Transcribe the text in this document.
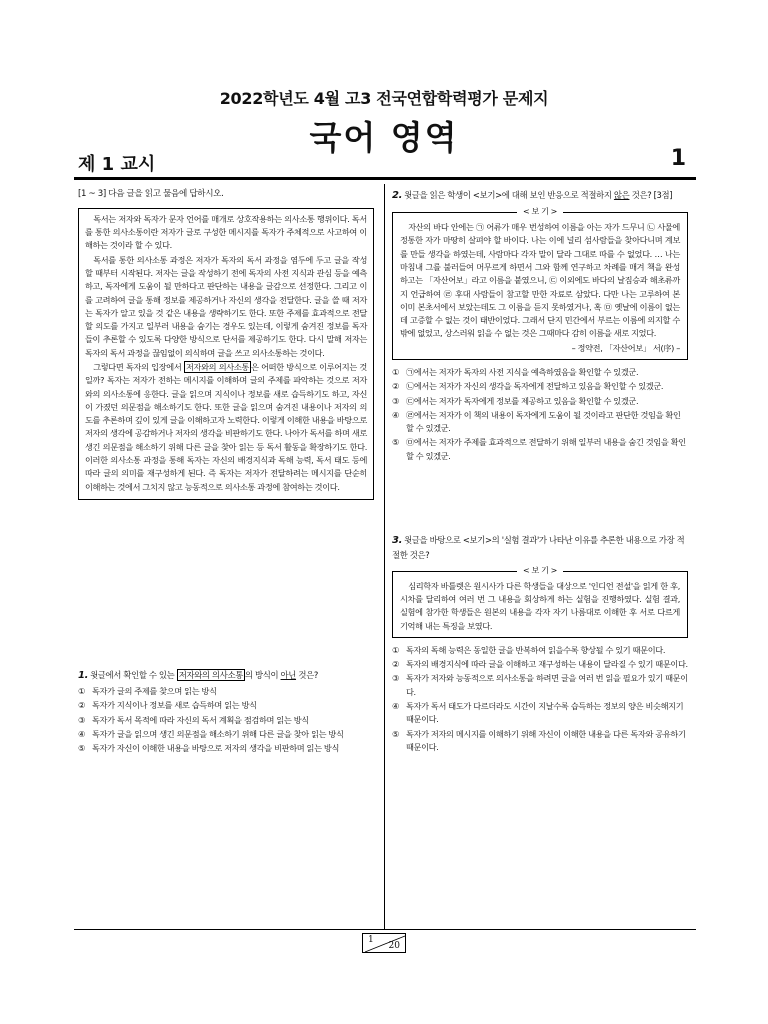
2022학년도 4월 고3 전국연합학력평가 문제지
국어 영역
제 1 교시	1
[1 ~ 3] 다음 글을 읽고 물음에 답하시오.

독서는 저자와 독자가 문자 언어를 매개로 상호작용하는 의사소통 행위이다. 독서를 통한 의사소통이란 저자가 글로 구성한 메시지를 독자가 주체적으로 사고하여 이해하는 것이라 할 수 있다.

독서를 통한 의사소통 과정은 저자가 독자의 독서 과정을 염두에 두고 글을 작성할 때부터 시작된다. 저자는 글을 작성하기 전에 독자의 사전 지식과 관심 등을 예측하고, 독자에게 도움이 될 만하다고 판단하는 내용을 글감으로 선정한다. 그리고 이를 고려하여 글을 통해 정보를 제공하거나 자신의 생각을 전달한다. 글을 쓸 때 저자는 독자가 알고 있을 것 같은 내용을 생략하기도 한다. 또한 주제를 효과적으로 전달할 의도를 가지고 일부러 내용을 숨기는 경우도 있는데, 이렇게 숨겨진 정보를 독자들이 추론할 수 있도록 다양한 방식으로 단서를 제공하기도 한다. 다시 말해 저자는 독자의 독서 과정을 끊임없이 의식하며 글을 쓰고 의사소통하는 것이다.

그렇다면 독자의 입장에서 저자와의 의사소통 은 어떠한 방식으로 이루어지는 것일까? 독자는 저자가 전하는 메시지를 이해하며 글의 주제를 파악하는 것으로 저자와의 의사소통에 응한다. 글을 읽으며 지식이나 정보를 새로 습득하기도 하고, 자신이 가졌던 의문점을 해소하기도 한다. 또한 글을 읽으며 숨겨진 내용이나 저자의 의도를 추론하며 깊이 있게 글을 이해하고자 노력한다. 이렇게 이해한 내용을 바탕으로 저자의 생각에 공감하거나 저자의 생각을 비판하기도 한다. 나아가 독서를 하며 새로 생긴 의문점을 해소하기 위해 다른 글을 찾아 읽는 등 독서 활동을 확장하기도 한다. 이러한 의사소통 과정을 통해 독자는 자신의 배경지식과 독해 능력, 독서 태도 등에 따라 글의 의미를 재구성하게 된다. 즉 독자는 저자가 전달하려는 메시지를 단순히 이해하는 것에서 그치지 않고 능동적으로 의사소통 과정에 참여하는 것이다.

1. 윗글에서 확인할 수 있는 저자와의 의사소통 의 방식이 아닌 것은?
① 독자가 글의 주제를 찾으며 읽는 방식
② 독자가 지식이나 정보를 새로 습득하며 읽는 방식
③ 독자가 독서 목적에 따라 자신의 독서 계획을 점검하며 읽는 방식
④ 독자가 글을 읽으며 생긴 의문점을 해소하기 위해 다른 글을 찾아 읽는 방식
⑤ 독자가 자신이 이해한 내용을 바탕으로 저자의 생각을 비판하며 읽는 방식
2. 윗글을 읽은 학생이 <보기>에 대해 보인 반응으로 적절하지 않은 것은? [3점]
< 보 기 >

자산의 바다 안에는 ㉠ 어류가 매우 번성하여 이름을 아는 자가 드무니 ㉡ 사물에 정통한 자가 마땅히 살펴야 할 바이다. 나는 이에 널리 섬사람들을 찾아다니며 계보를 만들 생각을 하였는데, 사람마다 각자 말이 달라 그대로 따를 수 없었다. … 나는 마침내 그를 불러들여 머무르게 하면서 그와 함께 연구하고 차례를 매겨 책을 완성하고는 「자산어보」라고 이름을 붙였으니, ㉢ 이외에도 바다의 날짐승과 해초류까지 언급하여 ㉣ 후대 사람들이 참고할 만한 자료로 삼았다. 다만 나는 고루하여 본 이미 본초서에서 보았는데도 그 이름을 듣지 못하였거나, 혹 ㉤ 옛날에 이름이 없는데 고증할 수 없는 것이 태반이었다. 그래서 단지 민간에서 부르는 이름에 의지할 수밖에 없었고, 상스러워 읽을 수 없는 것은 그때마다 감히 이름을 새로 지었다.

– 정약전, 「자산어보」 서(序) –
① ㉠에서는 저자가 독자의 사전 지식을 예측하였음을 확인할 수 있겠군.
② ㉡에서는 저자가 자신의 생각을 독자에게 전달하고 있음을 확인할 수 있겠군.
③ ㉢에서는 저자가 독자에게 정보를 제공하고 있음을 확인할 수 있겠군.
④ ㉣에서는 저자가 이 책의 내용이 독자에게 도움이 될 것이라고 판단한 것임을 확인할 수 있겠군.
⑤ ㉤에서는 저자가 주제를 효과적으로 전달하기 위해 일부러 내용을 숨긴 것임을 확인할 수 있겠군.
3. 윗글을 바탕으로 <보기>의 '실험 결과'가 나타난 이유를 추론한 내용으로 가장 적절한 것은?
< 보 기 >

심리학자 바틀렛은 원시사가 다른 학생들을 대상으로 '인디언 전설'을 읽게 한 후, 시차를 달리하여 여러 번 그 내용을 회상하게 하는 실험을 진행하였다. 실험 결과, 실험에 참가한 학생들은 원본의 내용을 각자 자기 나름대로 이해한 후 서로 다르게 기억해 내는 특징을 보였다.

① 독자의 독해 능력은 동일한 글을 반복하여 읽을수록 향상될 수 있기 때문이다.
② 독자의 배경지식에 따라 글을 이해하고 재구성하는 내용이 달라질 수 있기 때문이다.
③ 독자가 저자와 능동적으로 의사소통을 하려면 글을 여러 번 읽을 필요가 있기 때문이다.
④ 독자가 독서 태도가 다르더라도 시간이 지날수록 습득하는 정보의 양은 비슷해지기 때문이다.
⑤ 독자가 저자의 메시지를 이해하기 위해 자신이 이해한 내용을 다른 독자와 공유하기 때문이다.
1
20
